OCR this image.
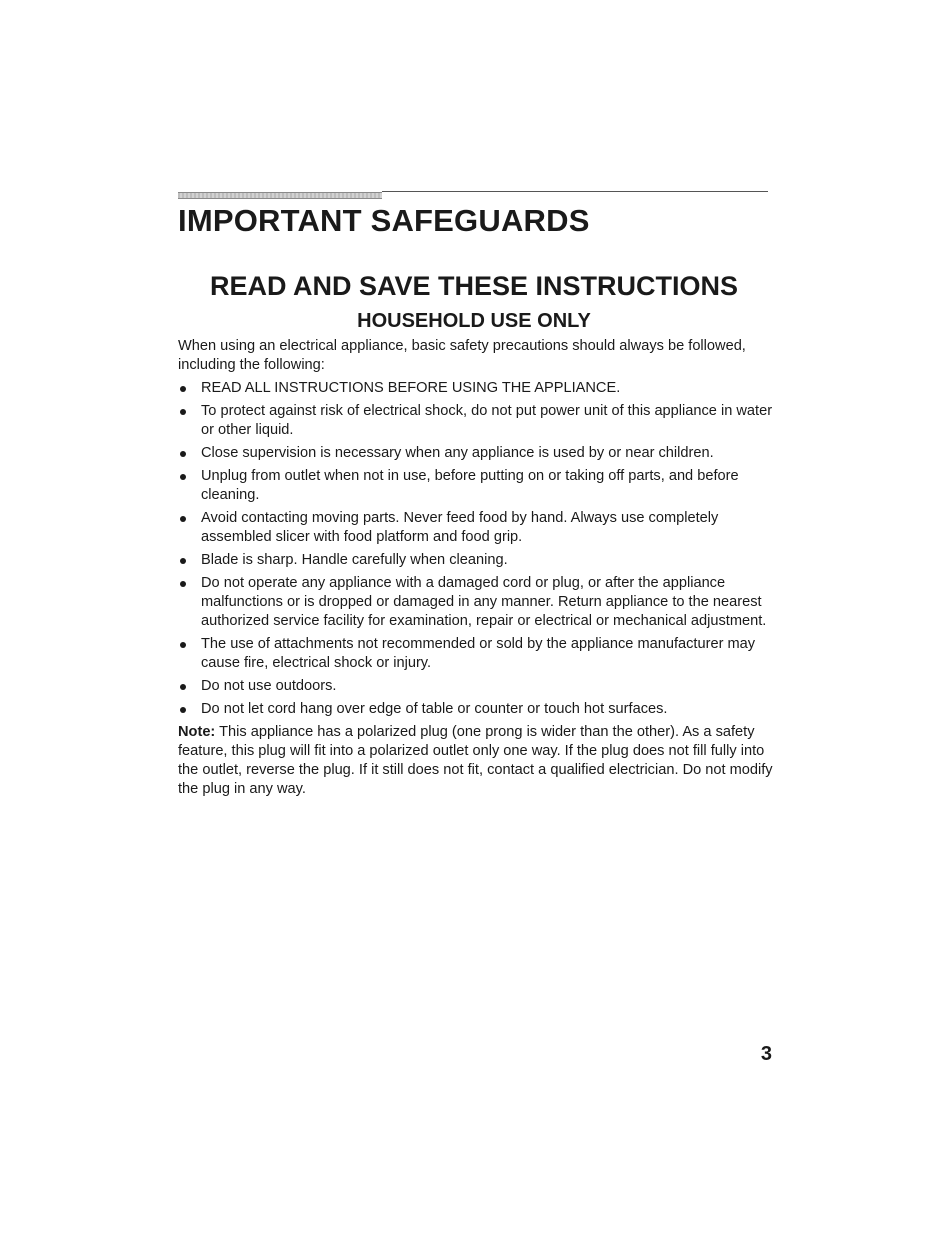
IMPORTANT SAFEGUARDS
READ AND SAVE THESE INSTRUCTIONS
HOUSEHOLD USE ONLY

When using an electrical appliance, basic safety precautions should always be followed, including the following:

READ ALL INSTRUCTIONS BEFORE USING THE APPLIANCE.
To protect against risk of electrical shock, do not put power unit of this appliance in water or other liquid.
Close supervision is necessary when any appliance is used by or near children.
Unplug from outlet when not in use, before putting on or taking off parts, and before cleaning.
Avoid contacting moving parts. Never feed food by hand. Always use completely assembled slicer with food platform and food grip.
Blade is sharp. Handle carefully when cleaning.
Do not operate any appliance with a damaged cord or plug, or after the appliance malfunctions or is dropped or damaged in any manner. Return appliance to the nearest authorized service facility for examination, repair or electrical or mechanical adjustment.
The use of attachments not recommended or sold by the appliance manufacturer may cause fire, electrical shock or injury.
Do not use outdoors.
Do not let cord hang over edge of table or counter or touch hot surfaces.

Note: This appliance has a polarized plug (one prong is wider than the other). As a safety feature, this plug will fit into a polarized outlet only one way. If the plug does not fill fully into the outlet, reverse the plug. If it still does not fit, contact a qualified electrician. Do not modify the plug in any way.

3
